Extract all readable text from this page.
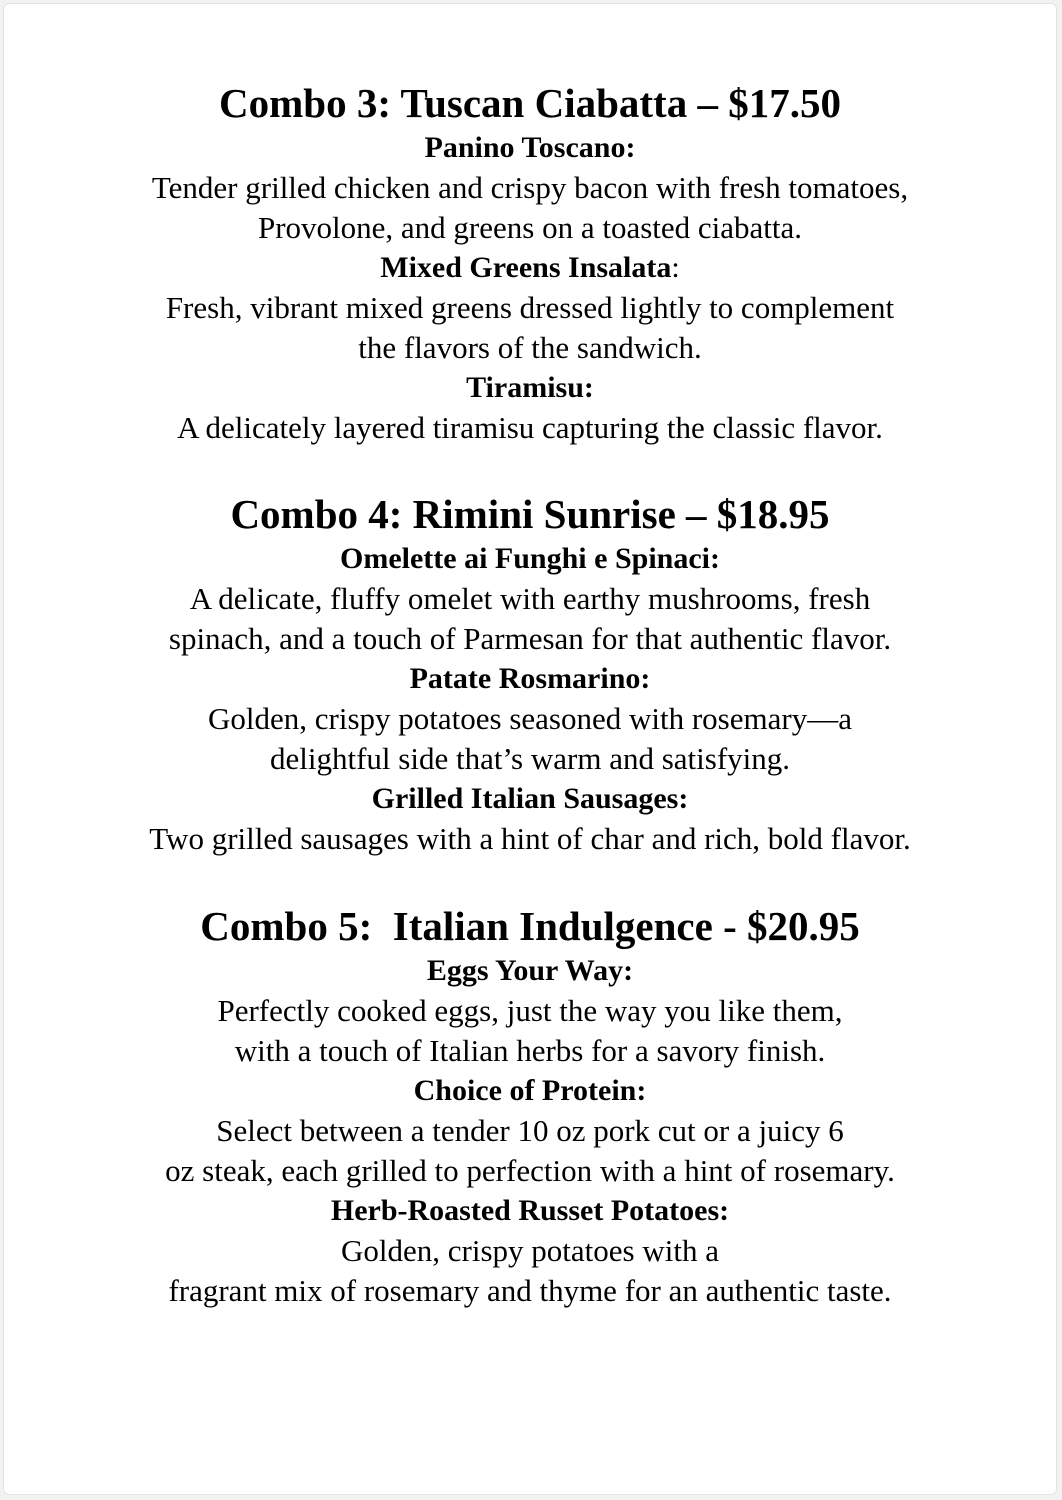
Combo 3: Tuscan Ciabatta – $17.50
Panino Toscano:
Tender grilled chicken and crispy bacon with fresh tomatoes,
Provolone, and greens on a toasted ciabatta.
Mixed Greens Insalata:
Fresh, vibrant mixed greens dressed lightly to complement
the flavors of the sandwich.
Tiramisu:
A delicately layered tiramisu capturing the classic flavor.
Combo 4: Rimini Sunrise – $18.95
Omelette ai Funghi e Spinaci:
A delicate, fluffy omelet with earthy mushrooms, fresh
spinach, and a touch of Parmesan for that authentic flavor.
Patate Rosmarino:
Golden, crispy potatoes seasoned with rosemary—a
delightful side that’s warm and satisfying.
Grilled Italian Sausages:
Two grilled sausages with a hint of char and rich, bold flavor.
Combo 5:  Italian Indulgence - $20.95
Eggs Your Way:
Perfectly cooked eggs, just the way you like them,
with a touch of Italian herbs for a savory finish.
Choice of Protein:
Select between a tender 10 oz pork cut or a juicy 6
oz steak, each grilled to perfection with a hint of rosemary.
Herb-Roasted Russet Potatoes:
Golden, crispy potatoes with a
fragrant mix of rosemary and thyme for an authentic taste.
